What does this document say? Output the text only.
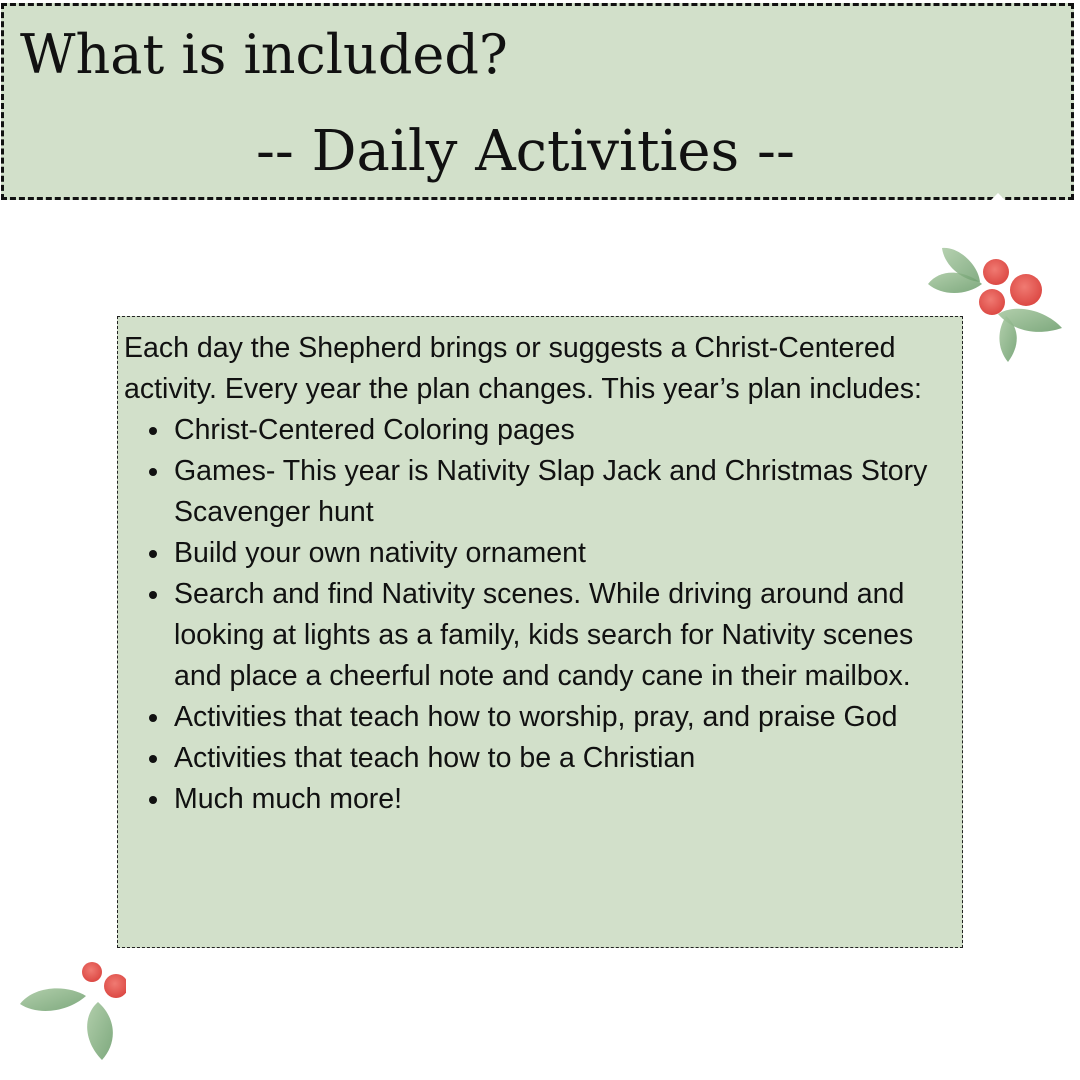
What is included?
-- Daily Activities --

Each day the Shepherd brings or suggests a Christ-Centered activity. Every year the plan changes. This year’s plan includes:

Christ-Centered Coloring pages
Games- This year is Nativity Slap Jack and Christmas Story Scavenger hunt
Build your own nativity ornament
Search and find Nativity scenes. While driving around and looking at lights as a family, kids search for Nativity scenes and place a cheerful note and candy cane in their mailbox.
Activities that teach how to worship, pray, and praise God
Activities that teach how to be a Christian
Much much more!
